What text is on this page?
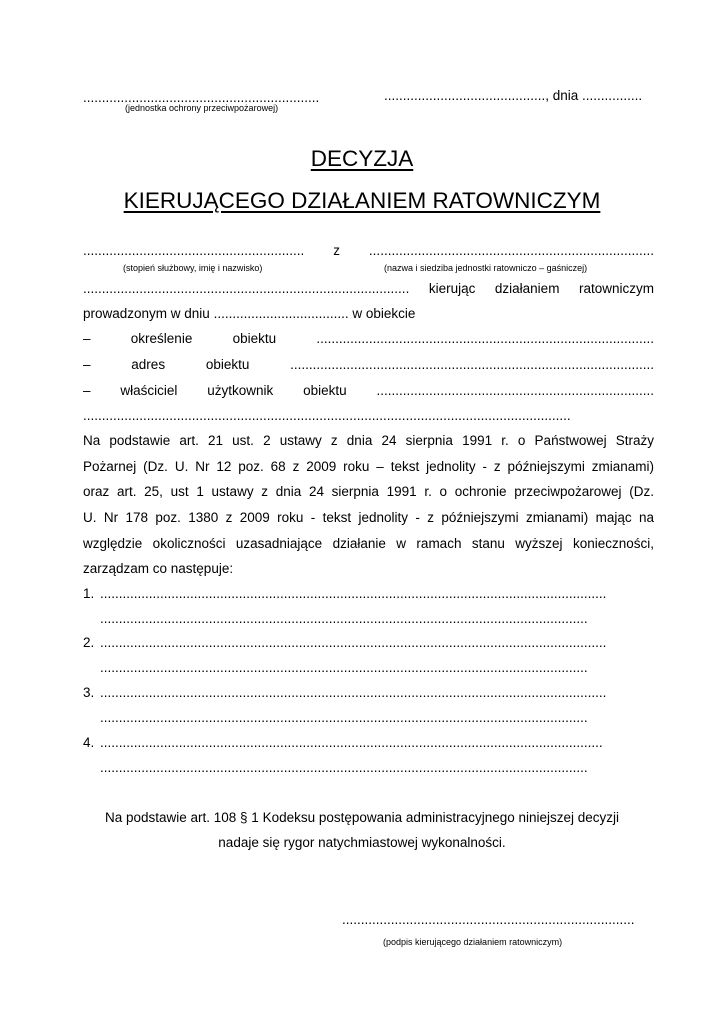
...............................................................
(jednostka ochrony przeciwpożarowej)
..........................................., dnia ................
DECYZJA
KIERUJĄCEGO DZIAŁANIEM RATOWNICZYM
........................................................... z ............................................................................
(stopień służbowy, imię i nazwisko)	(nazwa i siedziba jednostki ratowniczo – gaśniczej)
....................................................................................... kierując działaniem ratowniczym
prowadzonym w dniu .................................... w obiekcie
– określenie obiektu ..........................................................................................
– adres obiektu .................................................................................................
– właściciel użytkownik obiektu ..........................................................................
..................................................................................................................................
Na podstawie art. 21 ust. 2 ustawy z dnia 24 sierpnia 1991 r. o Państwowej Straży
Pożarnej (Dz. U. Nr 12 poz. 68 z 2009 roku – tekst jednolity - z późniejszymi zmianami)
oraz art. 25, ust 1 ustawy z dnia 24 sierpnia 1991 r. o ochronie przeciwpożarowej (Dz.
U. Nr 178 poz. 1380 z 2009 roku - tekst jednolity - z późniejszymi zmianami) mając na
względzie okoliczności uzasadniające działanie w ramach stanu wyższej konieczności,
zarządzam co następuje:
1. .......................................................................................................................................
..................................................................................................................................
2. .......................................................................................................................................
..................................................................................................................................
3. .......................................................................................................................................
..................................................................................................................................
4. ......................................................................................................................................
..................................................................................................................................
Na podstawie art. 108 § 1 Kodeksu postępowania administracyjnego niniejszej decyzji
nadaje się rygor natychmiastowej wykonalności.
..............................................................................
(podpis kierującego działaniem ratowniczym)
